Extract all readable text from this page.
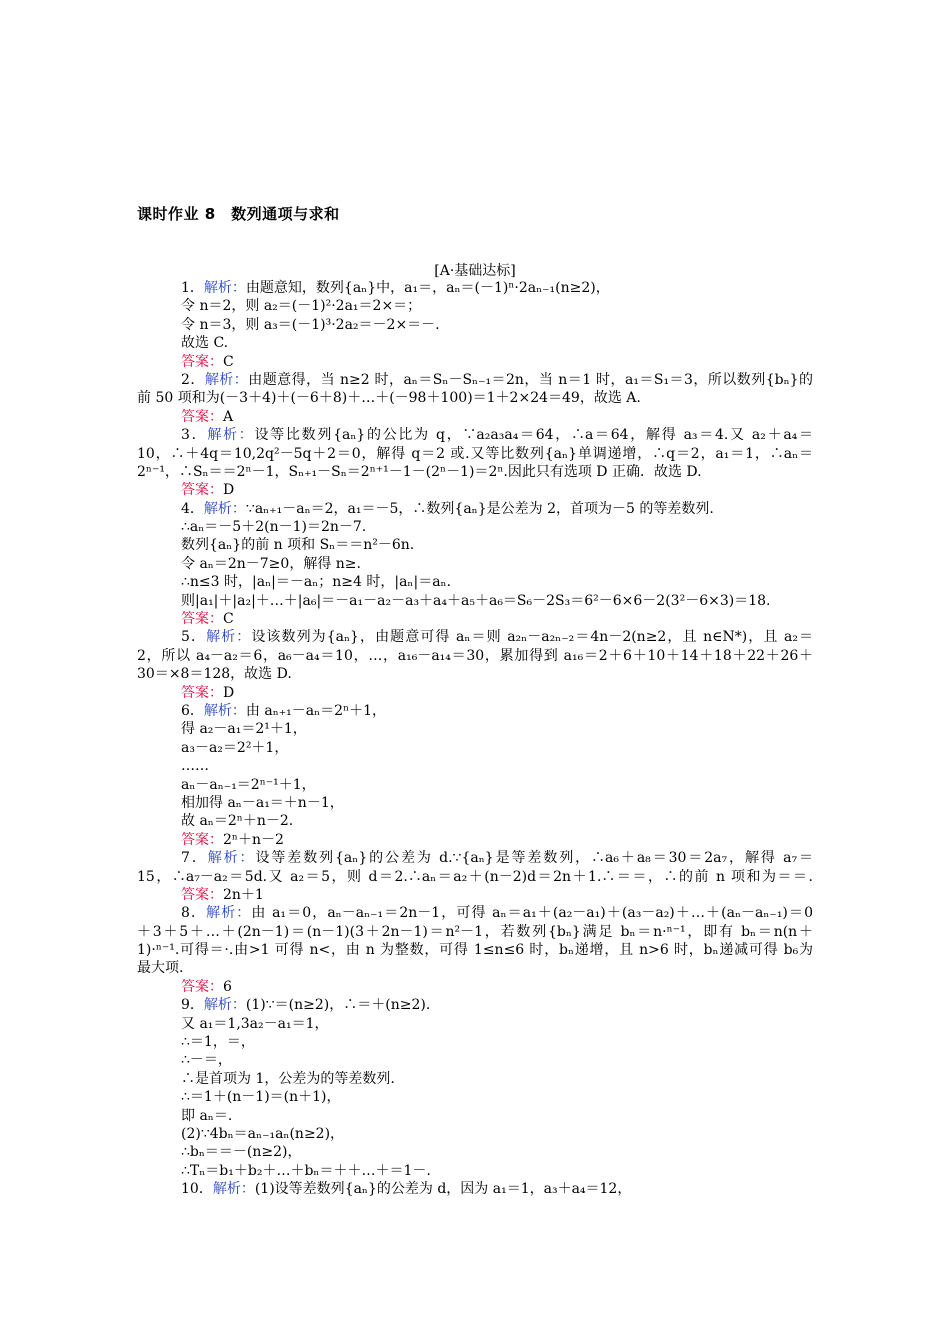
课时作业 8　数列通项与求和
[A·基础达标]
1．解析：由题意知，数列{aₙ}中，a₁＝，aₙ＝(－1)ⁿ·2aₙ₋₁(n≥2)，
令 n＝2，则 a₂＝(－1)²·2a₁＝2×＝；
令 n＝3，则 a₃＝(－1)³·2a₂＝－2×＝－.
故选 C.
答案：C
2．解析：由题意得，当 n≥2 时，aₙ＝Sₙ－Sₙ₋₁＝2n，当 n＝1 时，a₁＝S₁＝3，所以数列{bₙ}的
前 50 项和为(－3＋4)＋(－6＋8)＋…＋(－98＋100)＝1＋2×24＝49，故选 A.
答案：A
3．解析：设等比数列{aₙ}的公比为 q，∵a₂a₃a₄＝64，∴a＝64，解得 a₃＝4.又 a₂＋a₄＝
10，∴＋4q＝10,2q²－5q＋2＝0，解得 q＝2 或.又等比数列{aₙ}单调递增，∴q＝2，a₁＝1，∴aₙ＝
2ⁿ⁻¹，∴Sₙ＝＝2ⁿ－1，Sₙ₊₁－Sₙ＝2ⁿ⁺¹－1－(2ⁿ－1)＝2ⁿ.因此只有选项 D 正确．故选 D.
答案：D
4．解析：∵aₙ₊₁－aₙ＝2，a₁＝－5，∴数列{aₙ}是公差为 2，首项为－5 的等差数列.
∴aₙ＝－5＋2(n－1)＝2n－7.
数列{aₙ}的前 n 项和 Sₙ＝＝n²－6n.
令 aₙ＝2n－7≥0，解得 n≥.
∴n≤3 时，|aₙ|＝－aₙ；n≥4 时，|aₙ|＝aₙ.
则|a₁|＋|a₂|＋…＋|a₆|＝－a₁－a₂－a₃＋a₄＋a₅＋a₆＝S₆－2S₃＝6²－6×6－2(3²－6×3)＝18.
答案：C
5．解析：设该数列为{aₙ}，由题意可得 aₙ＝则 a₂ₙ－a₂ₙ₋₂＝4n－2(n≥2，且 n∈N*)，且 a₂＝
2，所以 a₄－a₂＝6，a₆－a₄＝10，…，a₁₆－a₁₄＝30，累加得到 a₁₆＝2＋6＋10＋14＋18＋22＋26＋
30＝×8＝128，故选 D.
答案：D
6．解析：由 aₙ₊₁－aₙ＝2ⁿ＋1，
得 a₂－a₁＝2¹＋1，
a₃－a₂＝2²＋1，
……
aₙ－aₙ₋₁＝2ⁿ⁻¹＋1，
相加得 aₙ－a₁＝＋n－1，
故 aₙ＝2ⁿ＋n－2.
答案：2ⁿ＋n－2
7．解析：设等差数列{aₙ}的公差为 d.∵{aₙ}是等差数列，∴a₆＋a₈＝30＝2a₇，解得 a₇＝
15，∴a₇－a₂＝5d.又 a₂＝5，则 d＝2.∴aₙ＝a₂＋(n－2)d＝2n＋1.∴＝＝，∴的前 n 项和为＝＝.
答案：2n＋1
8．解析：由 a₁＝0，aₙ－aₙ₋₁＝2n－1，可得 aₙ＝a₁＋(a₂－a₁)＋(a₃－a₂)＋…＋(aₙ－aₙ₋₁)＝0
＋3＋5＋…＋(2n－1)＝(n－1)(3＋2n－1)＝n²－1，若数列{bₙ}满足 bₙ＝n·ⁿ⁻¹，即有 bₙ＝n(n＋
1)·ⁿ⁻¹.可得＝·.由>1 可得 n<，由 n 为整数，可得 1≤n≤6 时，bₙ递增，且 n>6 时，bₙ递减可得 b₆为
最大项.
答案：6
9．解析：(1)∵＝(n≥2)，∴＝＋(n≥2).
又 a₁＝1,3a₂－a₁＝1，
∴＝1，＝，
∴－＝，
∴是首项为 1，公差为的等差数列.
∴＝1＋(n－1)＝(n＋1)，
即 aₙ＝.
(2)∵4bₙ＝aₙ₋₁aₙ(n≥2)，
∴bₙ＝＝－(n≥2)，
∴Tₙ＝b₁＋b₂＋…＋bₙ＝＋＋…＋＝1－.
10．解析：(1)设等差数列{aₙ}的公差为 d，因为 a₁＝1，a₃＋a₄＝12，
